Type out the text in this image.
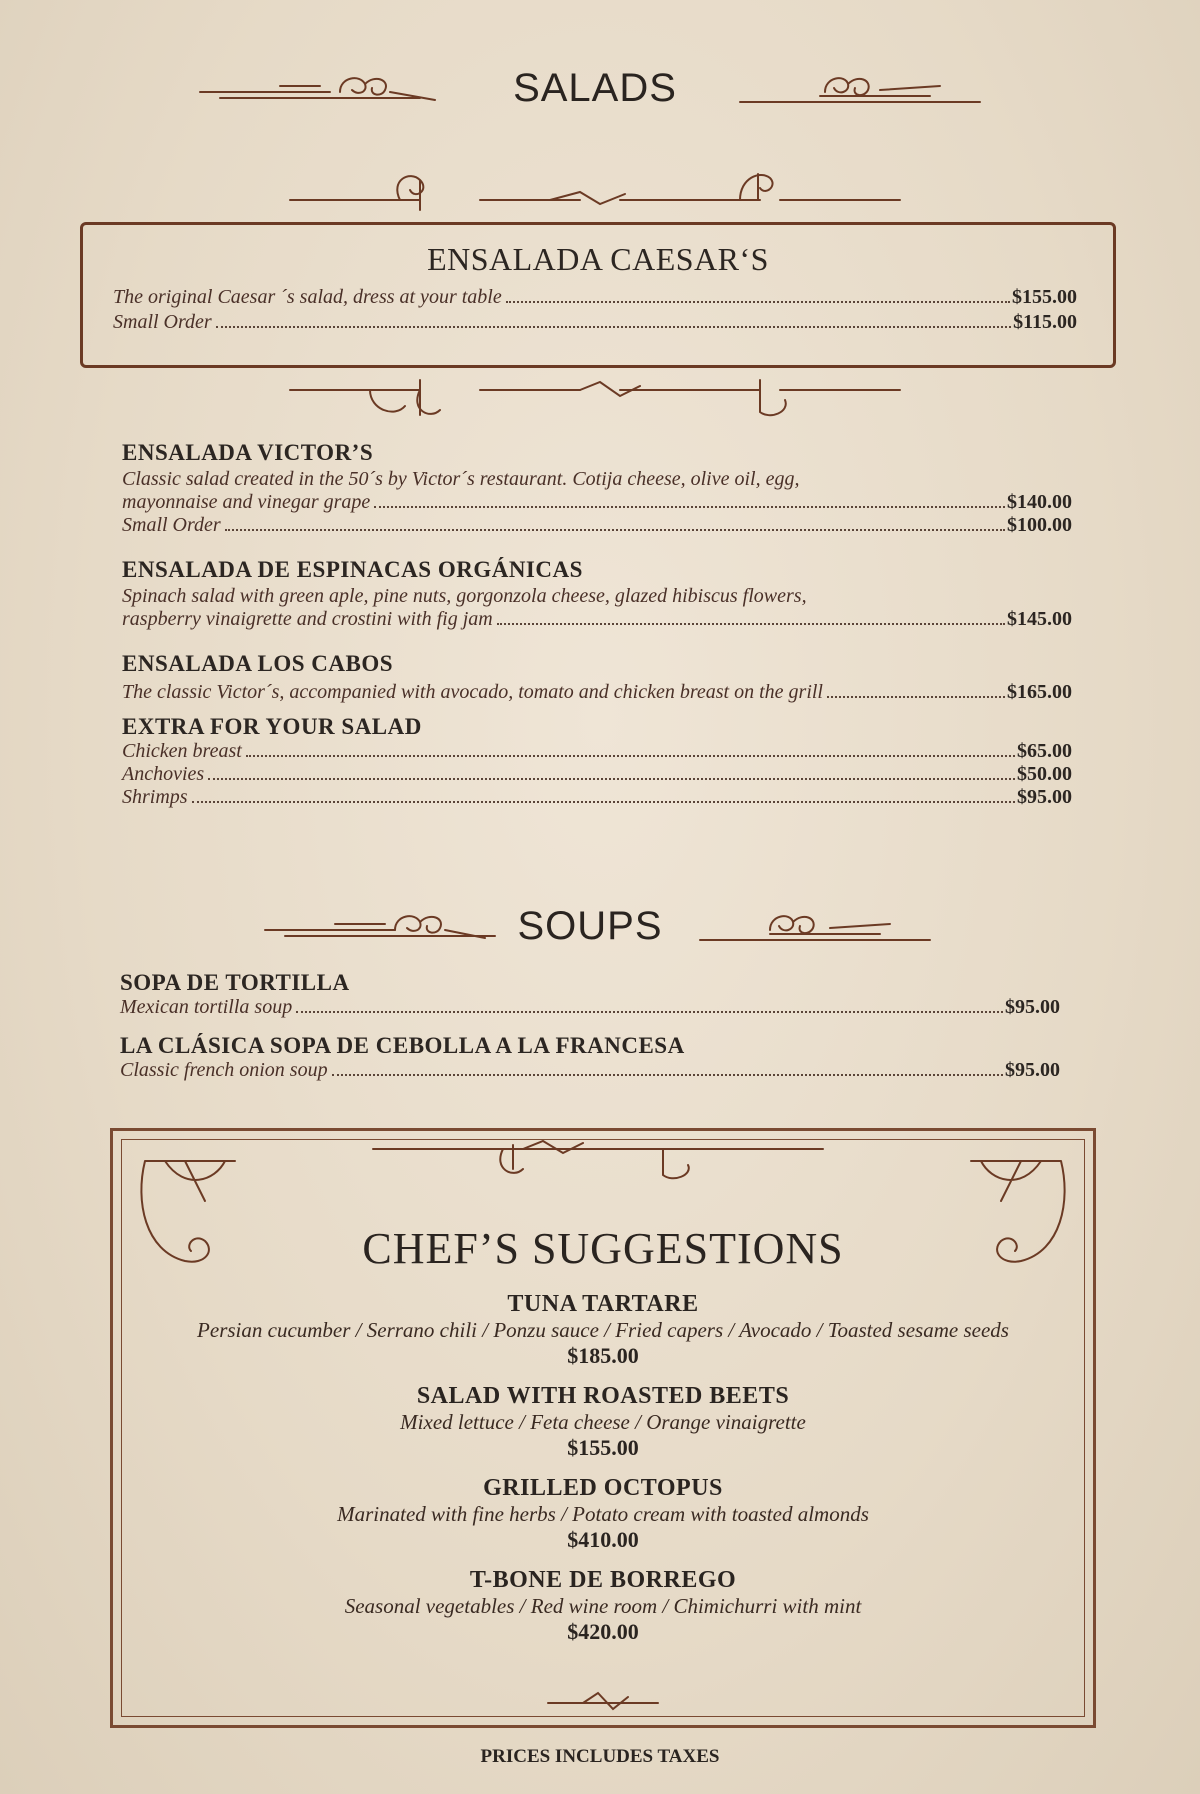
SALADS
ENSALADA CAESAR‘S
The original Caesar ´s salad, dress at your table	$155.00
Small Order	$115.00
ENSALADA VICTOR’S
Classic salad created in the 50´s by Victor´s restaurant. Cotija cheese, olive oil, egg,
mayonnaise and vinegar grape	$140.00
Small Order	$100.00
ENSALADA DE ESPINACAS ORGÁNICAS
Spinach salad with green aple, pine nuts, gorgonzola cheese, glazed hibiscus flowers,
raspberry vinaigrette and crostini with fig jam	$145.00
ENSALADA LOS CABOS
The classic Victor´s, accompanied with avocado, tomato and chicken breast on the grill	$165.00
EXTRA FOR YOUR SALAD
Chicken breast	$65.00
Anchovies	$50.00
Shrimps	$95.00
SOUPS
SOPA DE TORTILLA
Mexican tortilla soup	$95.00
LA CLÁSICA SOPA DE CEBOLLA A LA FRANCESA
Classic french onion soup	$95.00
CHEF’S SUGGESTIONS
TUNA TARTARE
Persian cucumber / Serrano chili / Ponzu sauce / Fried capers / Avocado / Toasted sesame seeds
$185.00
SALAD WITH ROASTED BEETS
Mixed lettuce / Feta cheese / Orange vinaigrette
$155.00
GRILLED OCTOPUS
Marinated with fine herbs / Potato cream with toasted almonds
$410.00
T-BONE DE BORREGO
Seasonal vegetables / Red wine room / Chimichurri with mint
$420.00
PRICES INCLUDES TAXES
